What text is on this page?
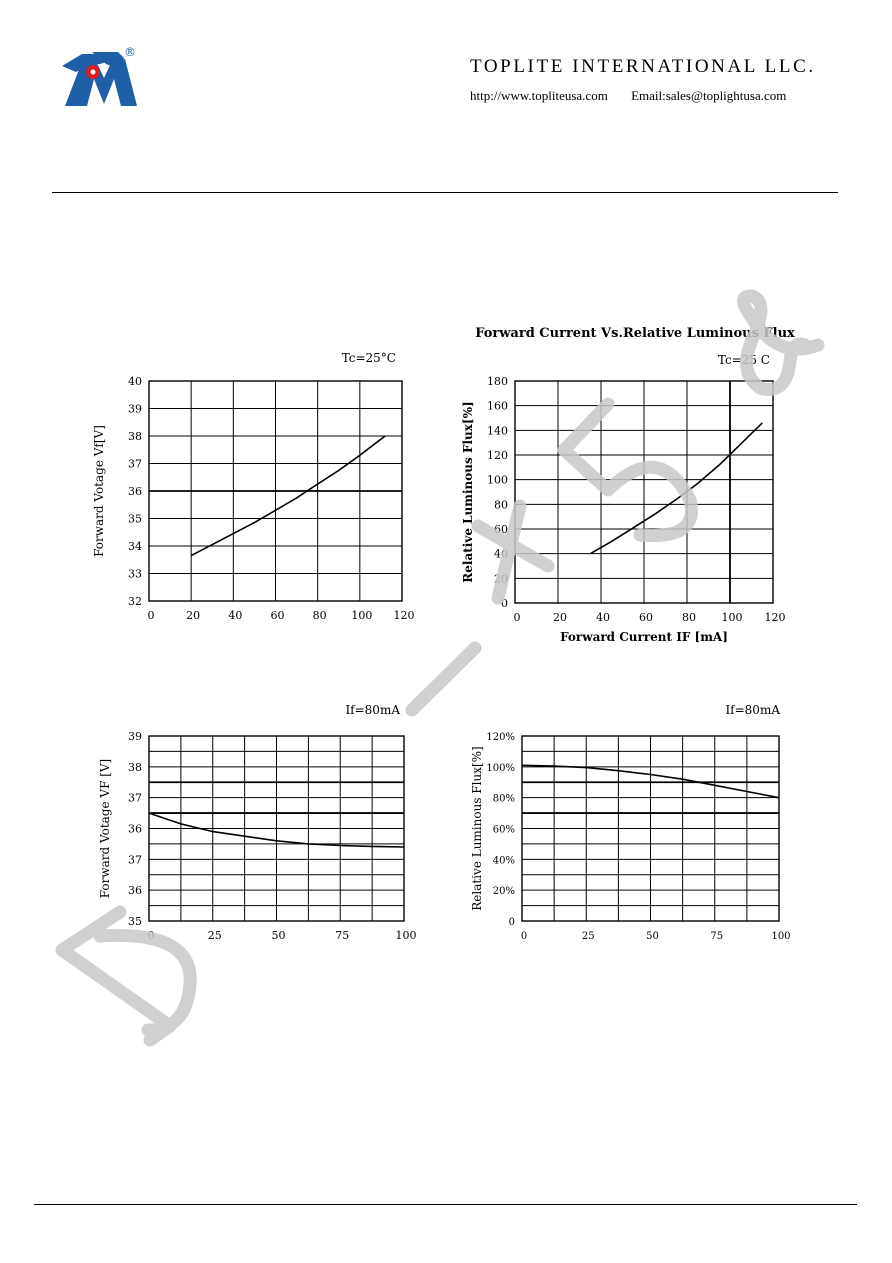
®
TOPLITE INTERNATIONAL LLC.
http://www.topliteusa.com Email:sales@toplightusa.com
0	20	40	60	80 100 120
32
33
34
35
36
37
38
39
40
Forward Votage Vf[V]
Tc=25°C
0	20	40	60	80 100 120
0
20
40
60
80
100
120
140
160
180
Relative Luminous Flux[%]
Tc=25 C
Forward Current Vs.Relative Luminous Flux
Forward Current IF [mA]
0	25	50	75	100
39
38
37
36
37
36
35
Forward Votage VF [V]
If=80mA
0	25	50	75	100
0
20%
40%
60%
80%
100%
120%
Relative Luminous Flux[%]
If=80mA
